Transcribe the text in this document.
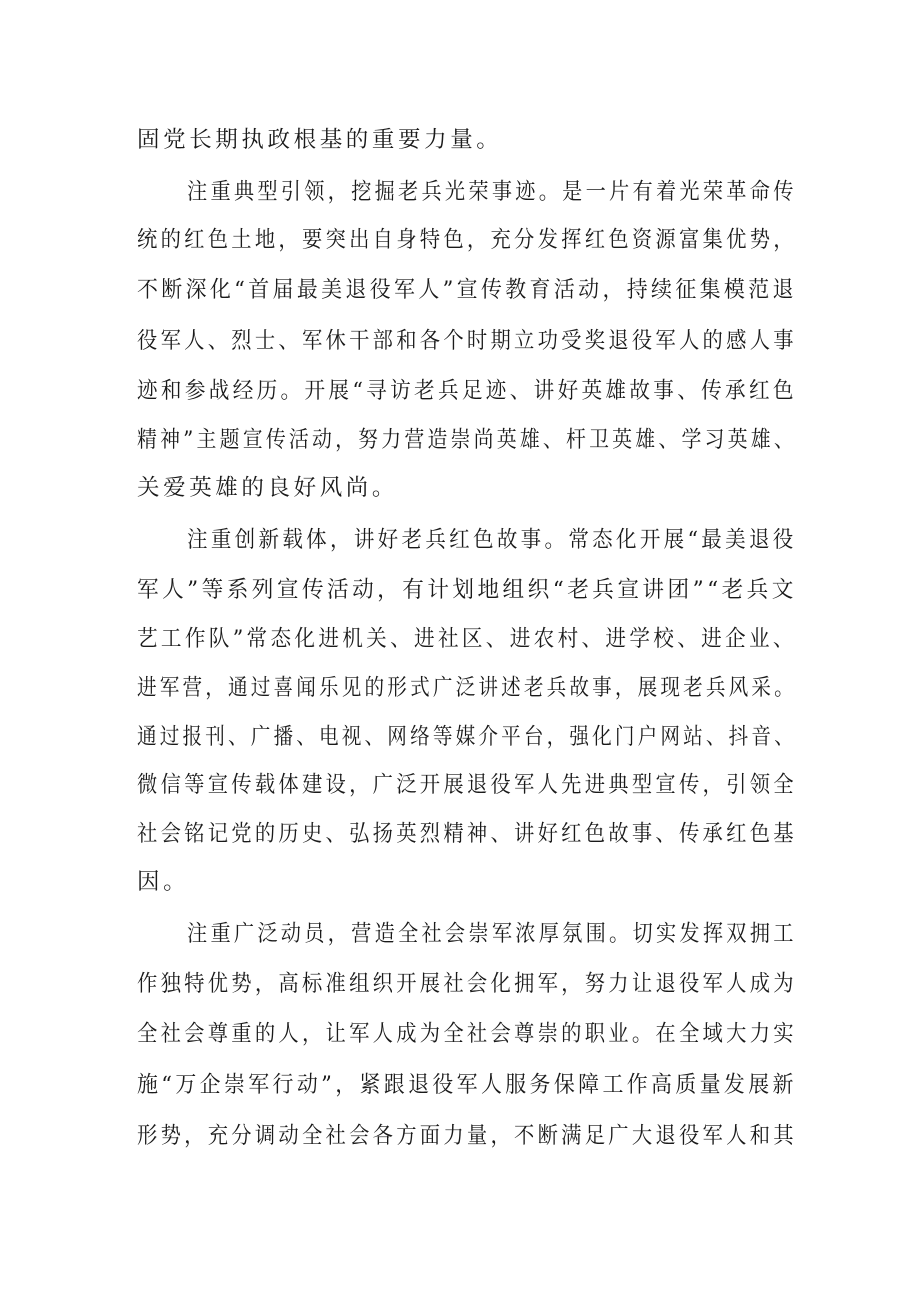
固党长期执政根基的重要力量。
注重典型引领，挖掘老兵光荣事迹。是一片有着光荣革命传
统的红色土地，要突出自身特色，充分发挥红色资源富集优势，
不断深化“首届最美退役军人”宣传教育活动，持续征集模范退
役军人、烈士、军休干部和各个时期立功受奖退役军人的感人事
迹和参战经历。开展“寻访老兵足迹、讲好英雄故事、传承红色
精神”主题宣传活动，努力营造崇尚英雄、杆卫英雄、学习英雄、
关爱英雄的良好风尚。
注重创新载体，讲好老兵红色故事。常态化开展“最美退役
军人”等系列宣传活动，有计划地组织“老兵宣讲团”“老兵文
艺工作队”常态化进机关、进社区、进农村、进学校、进企业、
进军营，通过喜闻乐见的形式广泛讲述老兵故事，展现老兵风采。
通过报刊、广播、电视、网络等媒介平台，强化门户网站、抖音、
微信等宣传载体建设，广泛开展退役军人先进典型宣传，引领全
社会铭记党的历史、弘扬英烈精神、讲好红色故事、传承红色基
因。
注重广泛动员，营造全社会崇军浓厚氛围。切实发挥双拥工
作独特优势，高标准组织开展社会化拥军，努力让退役军人成为
全社会尊重的人，让军人成为全社会尊崇的职业。在全域大力实
施“万企崇军行动”，紧跟退役军人服务保障工作高质量发展新
形势，充分调动全社会各方面力量，不断满足广大退役军人和其
